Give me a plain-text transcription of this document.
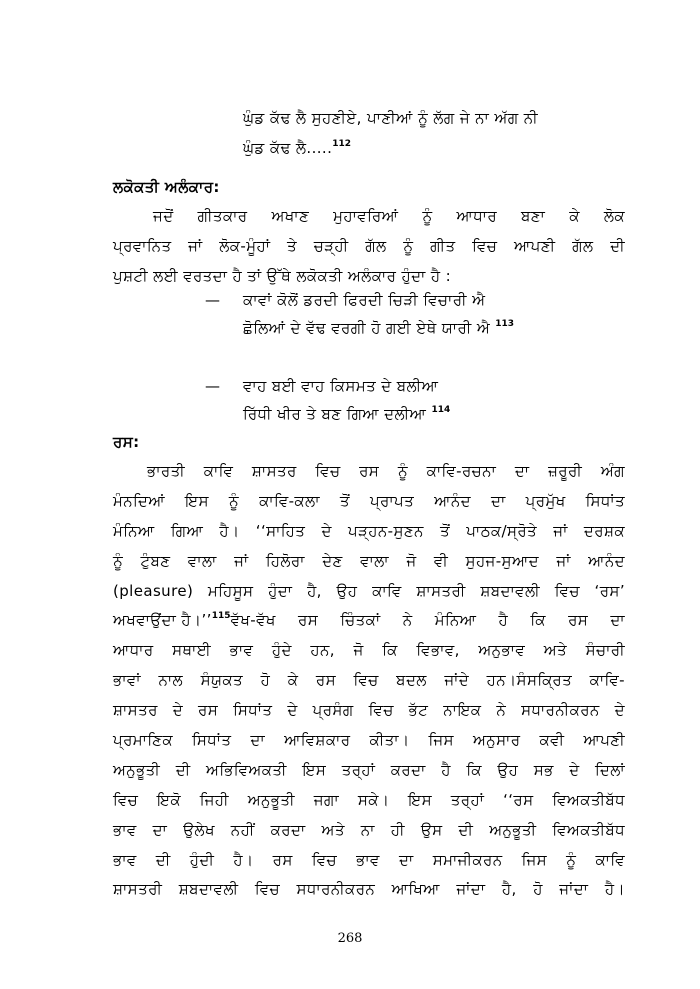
ਘੁੰਡ ਕੱਢ ਲੈ ਸੁਹਣੀਏ, ਪਾਣੀਆਂ ਨੂੰ ਲੱਗ ਜੇ ਨਾ ਅੱਗ ਨੀ
ਘੁੰਡ ਕੱਢ ਲੈ.....$^{112}$
ਲਕੋਕਤੀ ਅਲੰਕਾਰ:
ਜਦੋਂ ਗੀਤਕਾਰ ਅਖਾਣ ਮੁਹਾਵਰਿਆਂ ਨੂੰ ਆਧਾਰ ਬਣਾ ਕੇ ਲੋਕ
ਪ੍ਰਵਾਨਿਤ ਜਾਂ ਲੋਕ-ਮੂੰਹਾਂ ਤੇ ਚੜ੍ਹੀ ਗੱਲ ਨੂੰ ਗੀਤ ਵਿਚ ਆਪਣੀ ਗੱਲ ਦੀ
ਪੁਸ਼ਟੀ ਲਈ ਵਰਤਦਾ ਹੈ ਤਾਂ ਉੱਥੇ ਲਕੋਕਤੀ ਅਲੰਕਾਰ ਹੁੰਦਾ ਹੈ :
— ਕਾਵਾਂ ਕੋਲੋਂ ਡਰਦੀ ਫਿਰਦੀ ਚਿੜੀ ਵਿਚਾਰੀ ਐ
ਛੋਲਿਆਂ ਦੇ ਵੱਢ ਵਰਗੀ ਹੋ ਗਈ ਏਥੇ ਯਾਰੀ ਐ $^{113}$
— ਵਾਹ ਬਈ ਵਾਹ ਕਿਸਮਤ ਦੇ ਬਲੀਆ
ਰਿੱਧੀ ਖੀਰ ਤੇ ਬਣ ਗਿਆ ਦਲੀਆ $^{114}$
ਰਸ:
ਭਾਰਤੀ ਕਾਵਿ ਸ਼ਾਸਤਰ ਵਿਚ ਰਸ ਨੂੰ ਕਾਵਿ-ਰਚਨਾ ਦਾ ਜ਼ਰੂਰੀ ਅੰਗ
ਮੰਨਦਿਆਂ ਇਸ ਨੂੰ ਕਾਵਿ-ਕਲਾ ਤੋਂ ਪ੍ਰਾਪਤ ਆਨੰਦ ਦਾ ਪ੍ਰਮੁੱਖ ਸਿਧਾਂਤ
ਮੰਨਿਆ ਗਿਆ ਹੈ। ‘‘ਸਾਹਿਤ ਦੇ ਪੜ੍ਹਨ-ਸੁਣਨ ਤੋਂ ਪਾਠਕ/ਸ੍ਰੋਤੇ ਜਾਂ ਦਰਸ਼ਕ
ਨੂੰ ਟੁੰਬਣ ਵਾਲਾ ਜਾਂ ਹਿਲੋਰਾ ਦੇਣ ਵਾਲਾ ਜੋ ਵੀ ਸੁਹਜ-ਸੁਆਦ ਜਾਂ ਆਨੰਦ
(pleasure) ਮਹਿਸੂਸ ਹੁੰਦਾ ਹੈ, ਉਹ ਕਾਵਿ ਸ਼ਾਸਤਰੀ ਸ਼ਬਦਾਵਲੀ ਵਿਚ ‘ਰਸ’
ਅਖਵਾਉਂਦਾ ਹੈ।’’$^{115}$ ਵੱਖ-ਵੱਖ ਰਸ ਚਿੰਤਕਾਂ ਨੇ ਮੰਨਿਆ ਹੈ ਕਿ ਰਸ ਦਾ
ਆਧਾਰ ਸਥਾਈ ਭਾਵ ਹੁੰਦੇ ਹਨ, ਜੋ ਕਿ ਵਿਭਾਵ, ਅਨੁਭਾਵ ਅਤੇ ਸੰਚਾਰੀ
ਭਾਵਾਂ ਨਾਲ ਸੰਯੁਕਤ ਹੋ ਕੇ ਰਸ ਵਿਚ ਬਦਲ ਜਾਂਦੇ ਹਨ।ਸੰਸਕ੍ਰਿਤ ਕਾਵਿ-
ਸ਼ਾਸਤਰ ਦੇ ਰਸ ਸਿਧਾਂਤ ਦੇ ਪ੍ਰਸੰਗ ਵਿਚ ਭੱਟ ਨਾਇਕ ਨੇ ਸਧਾਰਨੀਕਰਨ ਦੇ
ਪ੍ਰਮਾਣਿਕ ਸਿਧਾਂਤ ਦਾ ਆਵਿਸ਼ਕਾਰ ਕੀਤਾ। ਜਿਸ ਅਨੁਸਾਰ ਕਵੀ ਆਪਣੀ
ਅਨੁਭੂਤੀ ਦੀ ਅਭਿਵਿਅਕਤੀ ਇਸ ਤਰ੍ਹਾਂ ਕਰਦਾ ਹੈ ਕਿ ਉਹ ਸਭ ਦੇ ਦਿਲਾਂ
ਵਿਚ ਇਕੋ ਜਿਹੀ ਅਨੁਭੂਤੀ ਜਗਾ ਸਕੇ। ਇਸ ਤਰ੍ਹਾਂ ‘‘ਰਸ ਵਿਅਕਤੀਬੱਧ
ਭਾਵ ਦਾ ਉਲੇਖ ਨਹੀਂ ਕਰਦਾ ਅਤੇ ਨਾ ਹੀ ਉਸ ਦੀ ਅਨੁਭੂਤੀ ਵਿਅਕਤੀਬੱਧ
ਭਾਵ ਦੀ ਹੁੰਦੀ ਹੈ। ਰਸ ਵਿਚ ਭਾਵ ਦਾ ਸਮਾਜੀਕਰਨ ਜਿਸ ਨੂੰ ਕਾਵਿ
ਸ਼ਾਸਤਰੀ ਸ਼ਬਦਾਵਲੀ ਵਿਚ ਸਧਾਰਨੀਕਰਨ ਆਖਿਆ ਜਾਂਦਾ ਹੈ, ਹੋ ਜਾਂਦਾ ਹੈ।
268
